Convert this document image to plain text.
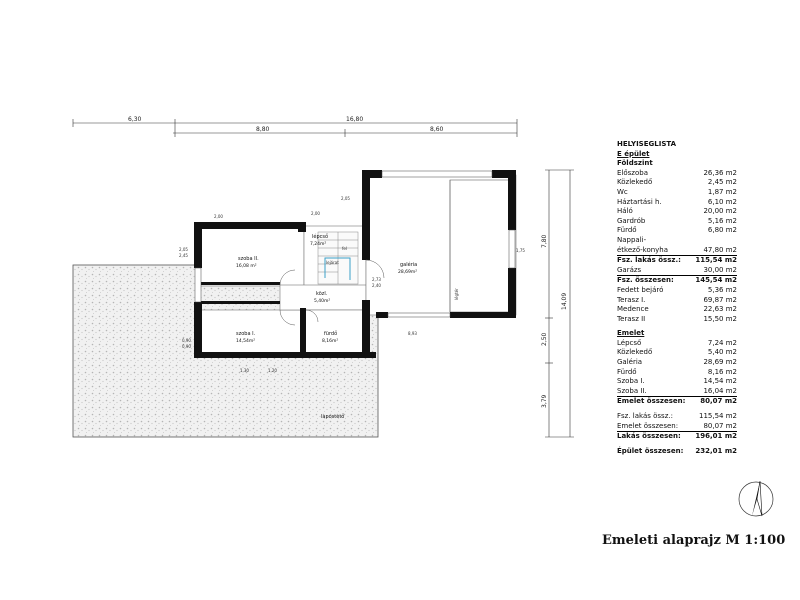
6,30	16,80
8,80	8,60
7,80
2,50
3,79
14,09
fel
lejárat
2,05
2,45
2,00
1,75
2,05
2,00
0,90
0,90
8,93
1,30	1,20
2,40
2,73
lépcső
7,24m²
szoba II.
16,08 m²
közl.
5,40m²
galéria
28,69m²
szoba I.
14,54m²
fürdő
8,16m²
lapostető
légtér
HELYISEGLISTA
E épület
Földszint
Előszoba	26,36 m2
Közlekedő	2,45 m2
Wc	1,87 m2
Háztartási h.	6,10 m2
Háló	20,00 m2
Gardrób	5,16 m2
Fürdő	6,80 m2
Nappali-
étkező-konyha	47,80 m2
Fsz. lakás össz.: 115,54 m2
Garázs	30,00 m2
Fsz. összesen:	145,54 m2
Fedett bejáró	5,36 m2
Terasz I.	69,87 m2
Medence	22,63 m2
Terasz II	15,50 m2
Emelet
Lépcső	7,24 m2
Közlekedő	5,40 m2
Galéria	28,69 m2
Fürdő	8,16 m2
Szoba I.	14,54 m2
Szoba II.	16,04 m2
Emelet összesen: 80,07 m2
Fsz. lakás össz.:	115,54 m2
Emelet összesen:	80,07 m2
Lakás összesen: 196,01 m2
Épület összesen: 232,01 m2
Emeleti alaprajz M 1:100
